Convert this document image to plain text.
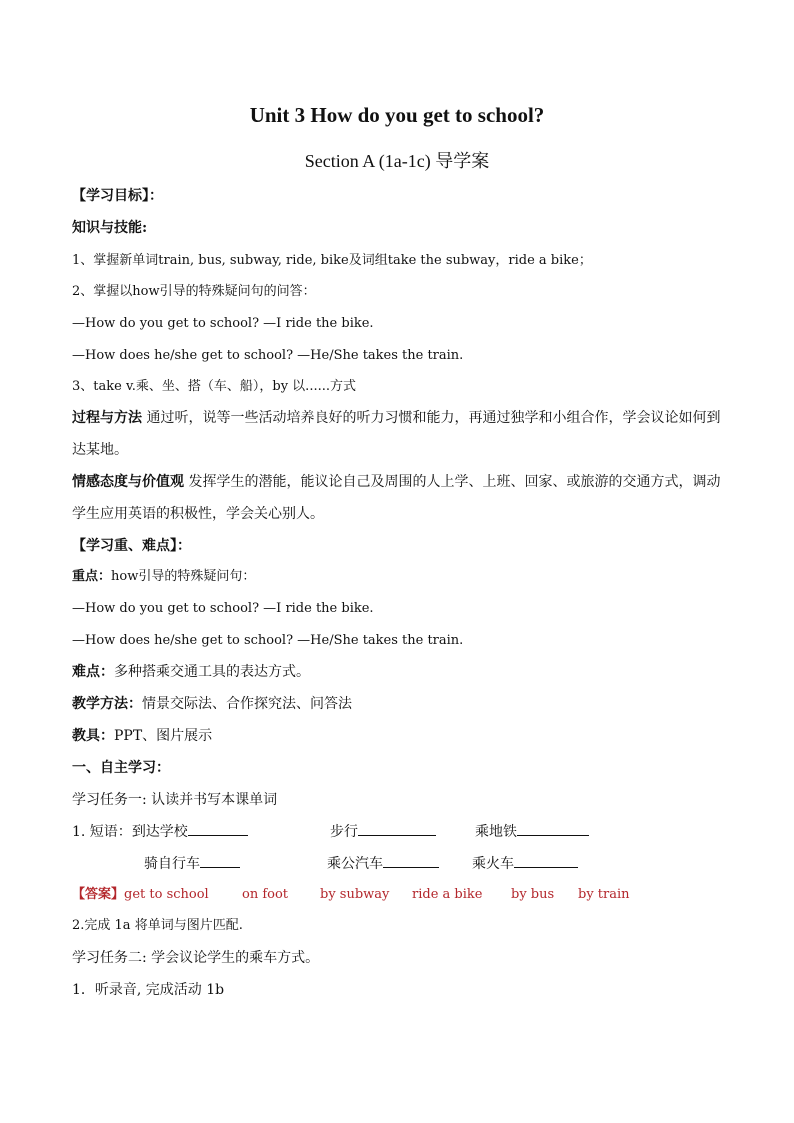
Unit 3 How do you get to school?
Section A (1a-1c) 导学案
【学习目标】：
知识与技能:
1、掌握新单词train, bus, subway, ride, bike及词组take the subway，ride a bike；
2、掌握以how引导的特殊疑问句的问答：
—How do you get to school? —I ride the bike.
—How does he/she get to school? —He/She takes the train.
3、take v.乘、坐、搭（车、船），by 以......方式
过程与方法 通过听，说等一些活动培养良好的听力习惯和能力，再通过独学和小组合作，学会议论如何到达某地。
情感态度与价值观 发挥学生的潜能，能议论自己及周围的人上学、上班、回家、或旅游的交通方式，调动学生应用英语的积极性，学会关心别人。
【学习重、难点】：
重点：how引导的特殊疑问句：
—How do you get to school? —I ride the bike.
—How does he/she get to school? —He/She takes the train.
难点：多种搭乘交通工具的表达方式。
教学方法：情景交际法、合作探究法、问答法
教具：PPT、图片展示
一、自主学习：
学习任务一: 认读并书写本课单词
1. 短语：到达学校	步行	乘地铁
骑自行车	乘公汽车	乘火车
【答案】get to school	on foot by subway ride a bike by bus by train
2.完成 1a 将单词与图片匹配.
学习任务二: 学会议论学生的乘车方式。
1．听录音, 完成活动 1b
